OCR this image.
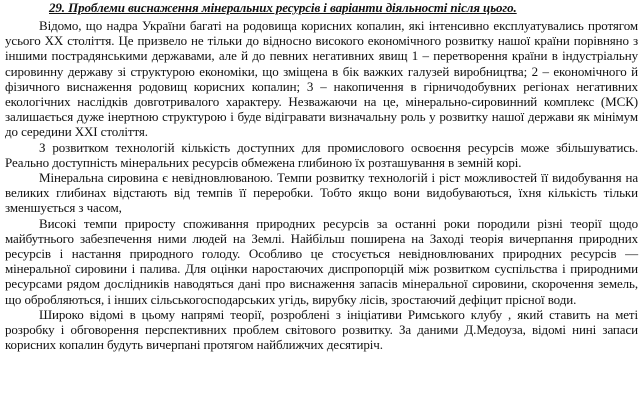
29. Проблеми виснаження мінеральних ресурсів і варіанти діяльності після цього.

Відомо, що надра України багаті на родовища корисних копалин, які інтенсивно експлуатувались протягом усього XX століття. Це призвело не тільки до відносно високого економічного розвитку нашої країни порівняно з іншими пострадянськими державами, але й до певних негативних явищ 1 – перетворення країни в індустріальну сировинну державу зі структурою економіки, що зміщена в бік важких галузей виробництва; 2 – економічного й фізичного виснаження родовищ корисних копалин; 3 – накопичення в гірничодобувних регіонах негативних екологічних наслідків довготривалого характеру. Незважаючи на це, мінерально-сировинний комплекс (МСК) залишається дуже інертною структурою і буде відігравати визначальну роль у розвитку нашої держави як мінімум до середини XXI століття.

З розвитком технологій кількість доступних для промислового освоєння ресурсів може збільшуватись. Реально доступність мінеральних ресурсів обмежена глибиною їх розташування в земній корі.

Мінеральна сировина є невідновлюваною. Темпи розвитку технологій і ріст можливостей її видобування на великих глибинах відстають від темпів її переробки. Тобто якщо вони видобуваються, їхня кількість тільки зменшується з часом,

Високі темпи приросту споживання природних ресурсів за останні роки породили різні теорії щодо майбутнього забезпечення ними людей на Землі. Найбільш поширена на Заході теорія вичерпання природних ресурсів і настання природного голоду. Особливо це стосується невідновлюваних природних ресурсів — мінеральної сировини і палива. Для оцінки наростаючих диспропорцій між розвитком суспільства і природними ресурсами рядом дослідників наводяться дані про виснаження запасів мінеральної сировини, скорочення земель, що обробляються, і інших сільськогосподарських угідь, вирубку лісів, зростаючий дефіцит прісної води.

Широко відомі в цьому напрямі теорії, розроблені з ініціативи Римського клубу , який ставить на меті розробку і обговорення перспективних проблем світового розвитку. За даними Д.Медоуза, відомі нині запаси корисних копалин будуть вичерпані протягом найближчих десятиріч.
